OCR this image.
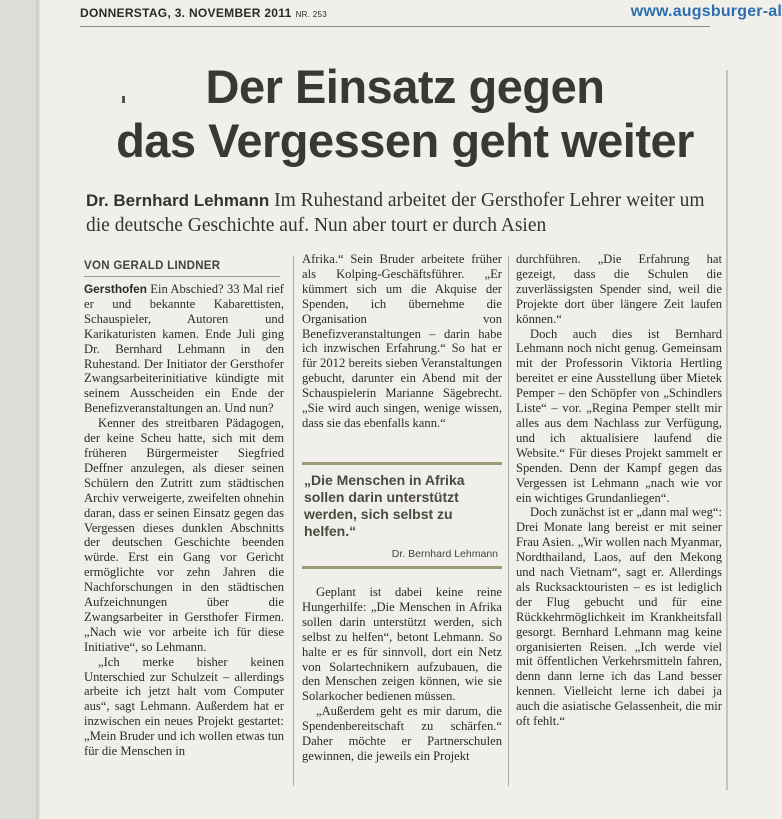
DONNERSTAG, 3. NOVEMBER 2011 NR. 253	www.augsburger-al
Der Einsatz gegen
das Vergessen geht weiter
Dr. Bernhard Lehmann Im Ruhestand arbeitet der Gersthofer Lehrer weiter um die deutsche Geschichte auf. Nun aber tourt er durch Asien
VON GERALD LINDNER

Gersthofen Ein Abschied? 33 Mal rief er und bekannte Kabarettisten, Schauspieler, Autoren und Karikaturisten kamen. Ende Juli ging Dr. Bernhard Lehmann in den Ruhestand. Der Initiator der Gersthofer Zwangsarbeiterinitiative kündigte mit seinem Ausscheiden ein Ende der Benefizveranstaltungen an. Und nun?

Kenner des streitbaren Pädagogen, der keine Scheu hatte, sich mit dem früheren Bürgermeister Siegfried Deffner anzulegen, als dieser seinen Schülern den Zutritt zum städtischen Archiv verweigerte, zweifelten ohnehin daran, dass er seinen Einsatz gegen das Vergessen dieses dunklen Abschnitts der deutschen Geschichte beenden würde. Erst ein Gang vor Gericht ermöglichte vor zehn Jahren die Nachforschungen in den städtischen Aufzeichnungen über die Zwangsarbeiter in Gersthofer Firmen. „Nach wie vor arbeite ich für diese Initiative“, so Lehmann.

„Ich merke bisher keinen Unterschied zur Schulzeit – allerdings arbeite ich jetzt halt vom Computer aus“, sagt Lehmann. Außerdem hat er inzwischen ein neues Projekt gestartet: „Mein Bruder und ich wollen etwas tun für die Menschen in

Afrika.“ Sein Bruder arbeitete früher als Kolping-Geschäftsführer. „Er kümmert sich um die Akquise der Spenden, ich übernehme die Organisation von Benefizveranstaltungen – darin habe ich inzwischen Erfahrung.“ So hat er für 2012 bereits sieben Veranstaltungen gebucht, darunter ein Abend mit der Schauspielerin Marianne Sägebrecht. „Sie wird auch singen, wenige wissen, dass sie das ebenfalls kann.“

„Die Menschen in Afrika sollen darin unterstützt werden, sich selbst zu helfen.“
Dr. Bernhard Lehmann

Geplant ist dabei keine reine Hungerhilfe: „Die Menschen in Afrika sollen darin unterstützt werden, sich selbst zu helfen“, betont Lehmann. So halte er es für sinnvoll, dort ein Netz von Solartechnikern aufzubauen, die den Menschen zeigen können, wie sie Solarkocher bedienen müssen.

„Außerdem geht es mir darum, die Spendenbereitschaft zu schärfen.“ Daher möchte er Partnerschulen gewinnen, die jeweils ein Projekt

durchführen. „Die Erfahrung hat gezeigt, dass die Schulen die zuverlässigsten Spender sind, weil die Projekte dort über längere Zeit laufen können.“

Doch auch dies ist Bernhard Lehmann noch nicht genug. Gemeinsam mit der Professorin Viktoria Hertling bereitet er eine Ausstellung über Mietek Pemper – den Schöpfer von „Schindlers Liste“ – vor. „Regina Pemper stellt mir alles aus dem Nachlass zur Verfügung, und ich aktualisiere laufend die Website.“ Für dieses Projekt sammelt er Spenden. Denn der Kampf gegen das Vergessen ist Lehmann „nach wie vor ein wichtiges Grundanliegen“.

Doch zunächst ist er „dann mal weg“: Drei Monate lang bereist er mit seiner Frau Asien. „Wir wollen nach Myanmar, Nordthailand, Laos, auf den Mekong und nach Vietnam“, sagt er. Allerdings als Rucksacktouristen – es ist lediglich der Flug gebucht und für eine Rückkehrmöglichkeit im Krankheitsfall gesorgt. Bernhard Lehmann mag keine organisierten Reisen. „Ich werde viel mit öffentlichen Verkehrsmitteln fahren, denn dann lerne ich das Land besser kennen. Vielleicht lerne ich dabei ja auch die asiatische Gelassenheit, die mir oft fehlt.“
